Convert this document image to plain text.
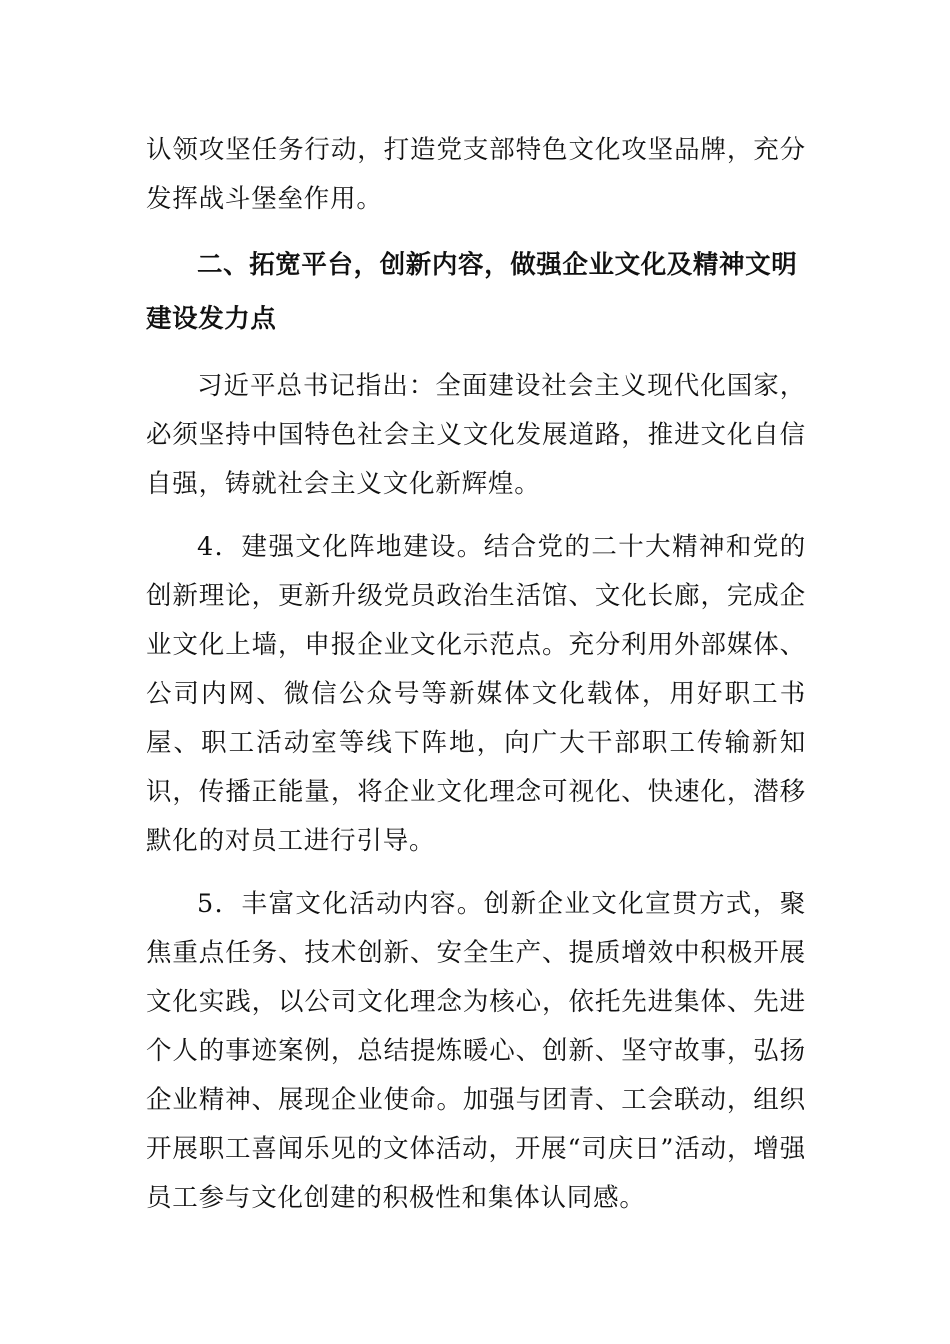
认领攻坚任务行动，打造党支部特色文化攻坚品牌，充分发挥战斗堡垒作用。

二、拓宽平台，创新内容，做强企业文化及精神文明建设发力点

习近平总书记指出：全面建设社会主义现代化国家，必须坚持中国特色社会主义文化发展道路，推进文化自信自强，铸就社会主义文化新辉煌。

4．建强文化阵地建设。结合党的二十大精神和党的创新理论，更新升级党员政治生活馆、文化长廊，完成企业文化上墙，申报企业文化示范点。充分利用外部媒体、公司内网、微信公众号等新媒体文化载体，用好职工书屋、职工活动室等线下阵地，向广大干部职工传输新知识，传播正能量，将企业文化理念可视化、快速化，潜移默化的对员工进行引导。

5．丰富文化活动内容。创新企业文化宣贯方式，聚焦重点任务、技术创新、安全生产、提质增效中积极开展文化实践，以公司文化理念为核心，依托先进集体、先进个人的事迹案例，总结提炼暖心、创新、坚守故事，弘扬企业精神、展现企业使命。加强与团青、工会联动，组织开展职工喜闻乐见的文体活动，开展“司庆日”活动，增强员工参与文化创建的积极性和集体认同感。
